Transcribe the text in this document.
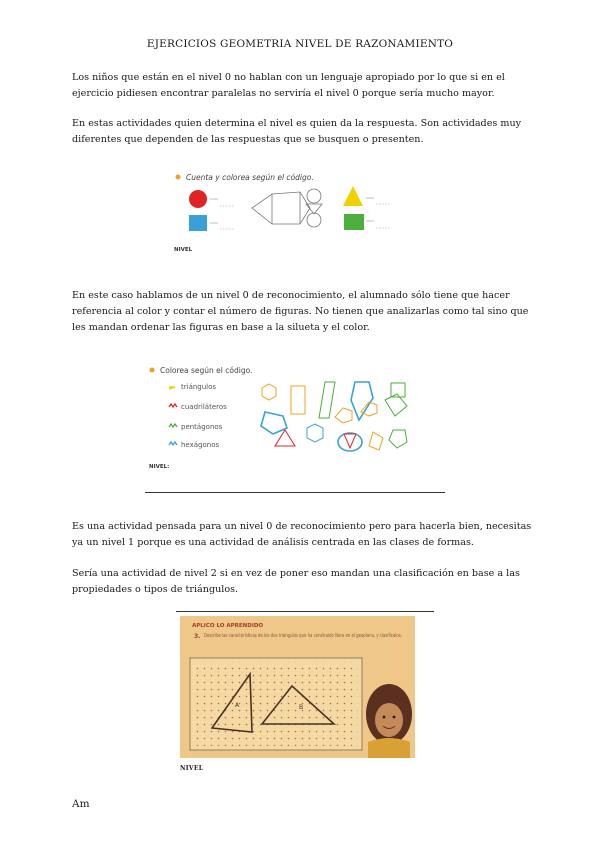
EJERCICIOS GEOMETRIA NIVEL DE RAZONAMIENTO
Los niños que están en el nivel 0 no hablan con un lenguaje apropiado por lo que si en el ejercicio pidiesen encontrar paralelas no serviría el nivel 0 porque sería mucho mayor.
En estas actividades quien determina el nivel es quien da la respuesta. Son actividades muy diferentes que dependen de las respuestas que se busquen o presenten.
Cuenta y colorea según el código.
NIVEL
En este caso hablamos de un nivel 0 de reconocimiento, el alumnado sólo tiene que hacer referencia al color y contar el número de figuras. No tienen que analizarlas como tal sino que les mandan ordenar las figuras en base a la silueta y el color.
Colorea según el código.
triángulos
cuadriláteros
pentágonos
hexágonos
NIVEL:
Es una actividad pensada para un nivel 0 de reconocimiento pero para hacerla bien, necesitas ya un nivel 1 porque es una actividad de análisis centrada en las clases de formas.
Sería una actividad de nivel 2 si en vez de poner eso mandan una clasificación en base a las propiedades o tipos de triángulos.
APLICO LO APRENDIDO
3. Describe las características de los dos triángulos que ha construido Nora en el geoplano, y clasifícalos.
A	B
NIVEL
Am
